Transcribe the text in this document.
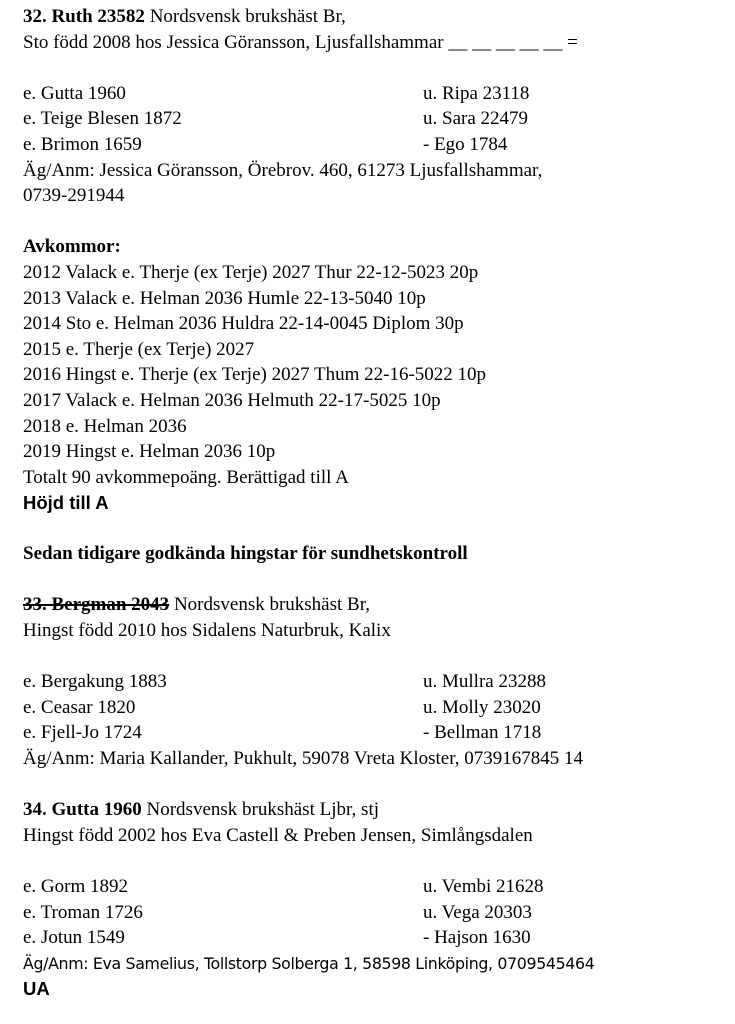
32. Ruth 23582 Nordsvensk brukshäst Br,
Sto född 2008 hos Jessica Göransson, Ljusfallshammar __ __ __ __ __ =
e. Gutta 1960	u. Ripa 23118
e. Teige Blesen 1872	u. Sara 22479
e. Brimon 1659	- Ego 1784
Äg/Anm: Jessica Göransson, Örebrov. 460, 61273 Ljusfallshammar,
0739-291944
Avkommor:
2012 Valack e. Therje (ex Terje) 2027 Thur 22-12-5023 20p
2013 Valack e. Helman 2036 Humle 22-13-5040 10p
2014 Sto e. Helman 2036 Huldra 22-14-0045 Diplom 30p
2015 e. Therje (ex Terje) 2027
2016 Hingst e. Therje (ex Terje) 2027 Thum 22-16-5022 10p
2017 Valack e. Helman 2036 Helmuth 22-17-5025 10p
2018 e. Helman 2036
2019 Hingst e. Helman 2036 10p
Totalt 90 avkommepoäng. Berättigad till A
Höjd till A
Sedan tidigare godkända hingstar för sundhetskontroll
33. Bergman 2043 Nordsvensk brukshäst Br,
Hingst född 2010 hos Sidalens Naturbruk, Kalix
e. Bergakung 1883	u. Mullra 23288
e. Ceasar 1820	u. Molly 23020
e. Fjell-Jo 1724	- Bellman 1718
Äg/Anm: Maria Kallander, Pukhult, 59078 Vreta Kloster, 0739167845 14
34. Gutta 1960 Nordsvensk brukshäst Ljbr, stj
Hingst född 2002 hos Eva Castell & Preben Jensen, Simlångsdalen
e. Gorm 1892	u. Vembi 21628
e. Troman 1726	u. Vega 20303
e. Jotun 1549	- Hajson 1630
Äg/Anm: Eva Samelius, Tollstorp Solberga 1, 58598 Linköping, 0709545464
UA
